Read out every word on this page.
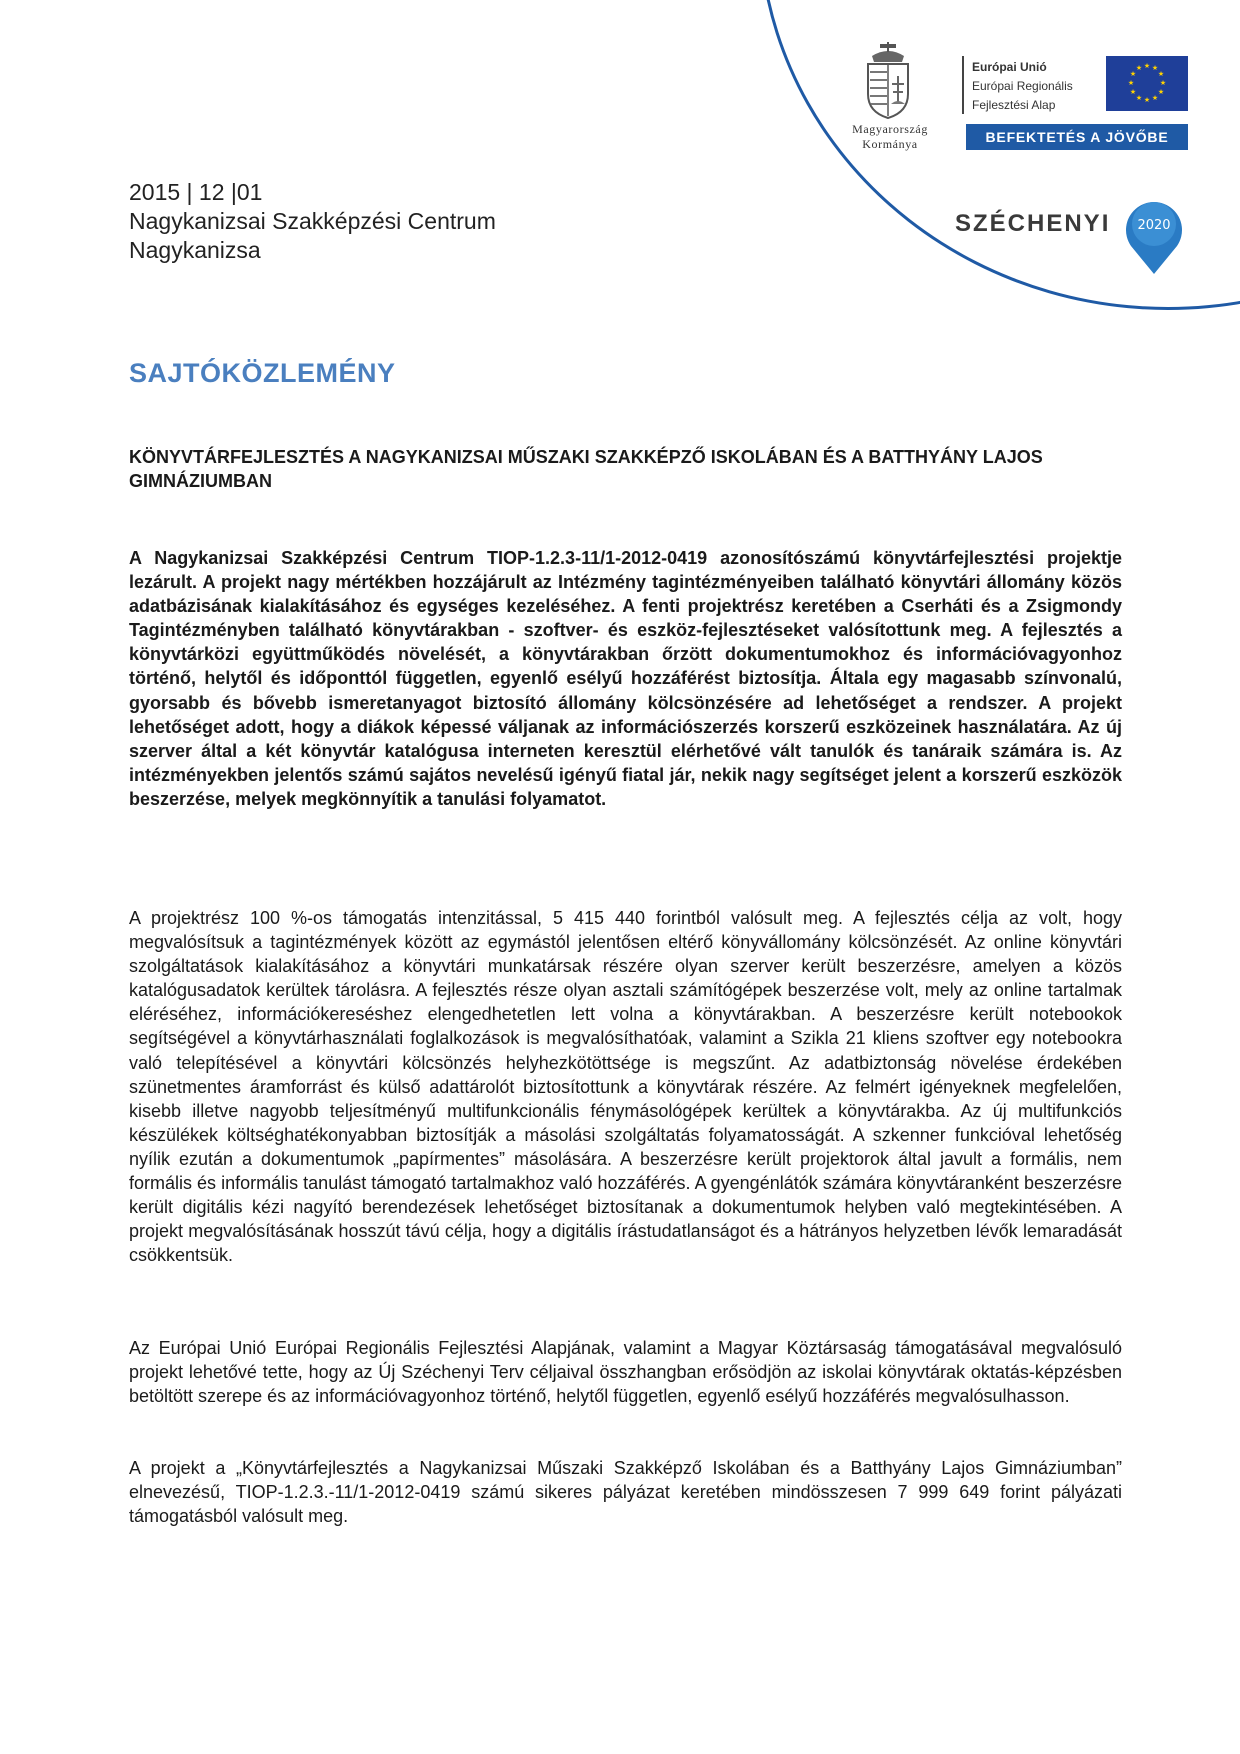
Magyarország
Kormánya
Európai Unió
Európai Regionális
Fejlesztési Alap
★ ★
★
★
★
★
★
★
★
★
★
★
BEFEKTETÉS A JÖVŐBE
SZÉCHENYI 2020
2015 | 12 |01
Nagykanizsai Szakképzési Centrum
Nagykanizsa
SAJTÓKÖZLEMÉNY
KÖNYVTÁRFEJLESZTÉS A NAGYKANIZSAI MŰSZAKI SZAKKÉPZŐ ISKOLÁBAN ÉS A BATTHYÁNY LAJOS GIMNÁZIUMBAN
A Nagykanizsai Szakképzési Centrum TIOP-1.2.3-11/1-2012-0419 azonosítószámú könyvtárfejlesztési projektje lezárult. A projekt nagy mértékben hozzájárult az Intézmény tagintézményeiben található könyvtári állomány közös adatbázisának kialakításához és egységes kezeléséhez. A fenti projektrész keretében a Cserháti és a Zsigmondy Tagintézményben található könyvtárakban - szoftver- és eszköz-fejlesztéseket valósítottunk meg. A fejlesztés a könyvtárközi együttműködés növelését, a könyvtárakban őrzött dokumentumokhoz és információvagyonhoz történő, helytől és időponttól független, egyenlő esélyű hozzáférést biztosítja. Általa egy magasabb színvonalú, gyorsabb és bővebb ismeretanyagot biztosító állomány kölcsönzésére ad lehetőséget a rendszer. A projekt lehetőséget adott, hogy a diákok képessé váljanak az információszerzés korszerű eszközeinek használatára. Az új szerver által a két könyvtár katalógusa interneten keresztül elérhetővé vált tanulók és tanáraik számára is. Az intézményekben jelentős számú sajátos nevelésű igényű fiatal jár, nekik nagy segítséget jelent a korszerű eszközök beszerzése, melyek megkönnyítik a tanulási folyamatot.
A projektrész 100 %-os támogatás intenzitással, 5 415 440 forintból valósult meg. A fejlesztés célja az volt, hogy megvalósítsuk a tagintézmények között az egymástól jelentősen eltérő könyvállomány kölcsönzését. Az online könyvtári szolgáltatások kialakításához a könyvtári munkatársak részére olyan szerver került beszerzésre, amelyen a közös katalógusadatok kerültek tárolásra. A fejlesztés része olyan asztali számítógépek beszerzése volt, mely az online tartalmak eléréséhez, információkereséshez elengedhetetlen lett volna a könyvtárakban. A beszerzésre került notebookok segítségével a könyvtárhasználati foglalkozások is megvalósíthatóak, valamint a Szikla 21 kliens szoftver egy notebookra való telepítésével a könyvtári kölcsönzés helyhezkötöttsége is megszűnt. Az adatbiztonság növelése érdekében szünetmentes áramforrást és külső adattárolót biztosítottunk a könyvtárak részére. Az felmért igényeknek megfelelően, kisebb illetve nagyobb teljesítményű multifunkcionális fénymásológépek kerültek a könyvtárakba. Az új multifunkciós készülékek költséghatékonyabban biztosítják a másolási szolgáltatás folyamatosságát. A szkenner funkcióval lehetőség nyílik ezután a dokumentumok „papírmentes” másolására. A beszerzésre került projektorok által javult a formális, nem formális és informális tanulást támogató tartalmakhoz való hozzáférés. A gyengénlátók számára könyvtáranként beszerzésre került digitális kézi nagyító berendezések lehetőséget biztosítanak a dokumentumok helyben való megtekintésében. A projekt megvalósításának hosszút távú célja, hogy a digitális írástudatlanságot és a hátrányos helyzetben lévők lemaradását csökkentsük.
Az Európai Unió Európai Regionális Fejlesztési Alapjának, valamint a Magyar Köztársaság támogatásával megvalósuló projekt lehetővé tette, hogy az Új Széchenyi Terv céljaival összhangban erősödjön az iskolai könyvtárak oktatás-képzésben betöltött szerepe és az információvagyonhoz történő, helytől független, egyenlő esélyű hozzáférés megvalósulhasson.
A projekt a „Könyvtárfejlesztés a Nagykanizsai Műszaki Szakképző Iskolában és a Batthyány Lajos Gimnáziumban” elnevezésű, TIOP-1.2.3.-11/1-2012-0419 számú sikeres pályázat keretében mindösszesen 7 999 649 forint pályázati támogatásból valósult meg.
